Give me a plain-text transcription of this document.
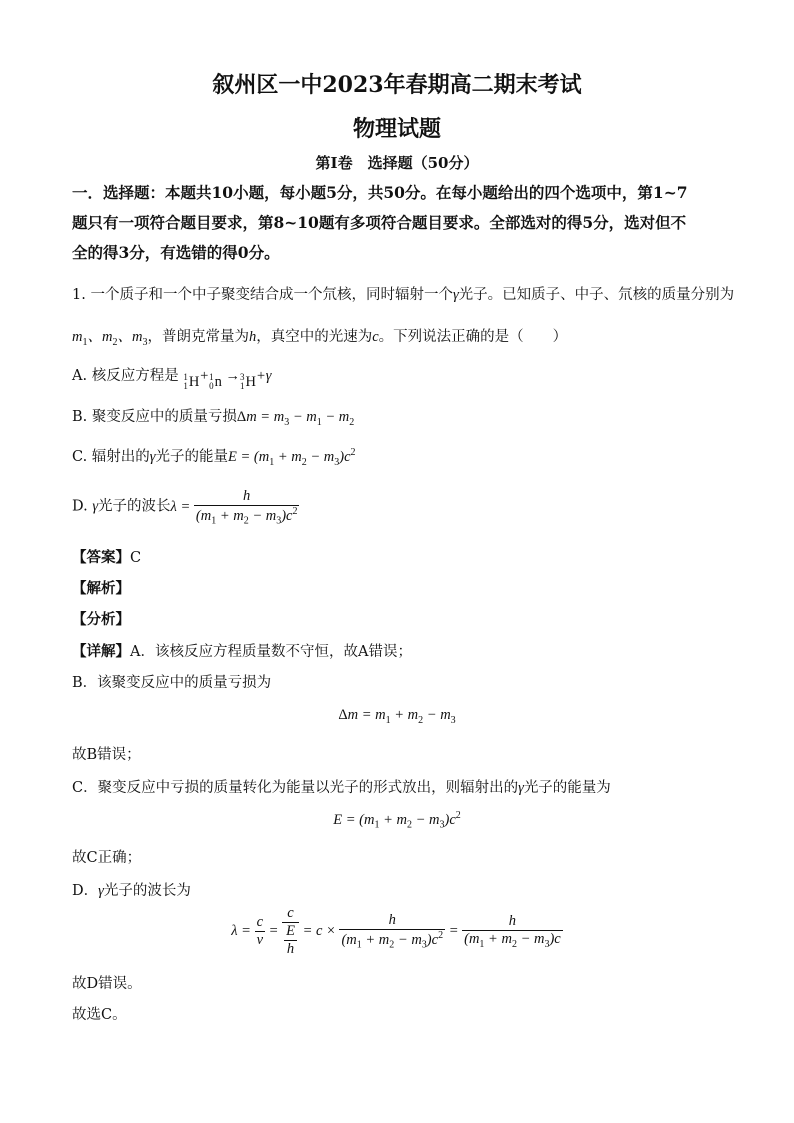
叙州区一中2023年春期高二期末考试
物理试题
第Ⅰ卷　选择题（50分）
一．选择题：本题共10小题，每小题5分，共50分。在每小题给出的四个选项中，第1~7
题只有一项符合题目要求，第8~10题有多项符合题目要求。全部选对的得5分，选对但不
全的得3分，有选错的得0分。
1. 一个质子和一个中子聚变结合成一个氘核，同时辐射一个γ光子。已知质子、中子、氘核的质量分别为
$m_1$、$m_2$、$m_3$，普朗克常量为h，真空中的光速为c。下列说法正确的是（　　）
A. 核反应方程是 1
1 H + 1
0 n → 3
1 H +γ
B. 聚变反应中的质量亏损$\Delta m = m_3 - m_1 - m_2$
C. 辐射出的γ光子的能量$E = (m_1 + m_2 - m_3)c^2$
D. γ光子的波长$\lambda = \frac{h}{(m_1 + m_2 - m_3)c^2}$
【答案】C
【解析】
【分析】
【详解】A．该核反应方程质量数不守恒，故A错误；
B．该聚变反应中的质量亏损为
$\Delta m = m_1 + m_2 - m_3$
故B错误；
C．聚变反应中亏损的质量转化为能量以光子的形式放出，则辐射出的γ光子的能量为
$E = (m_1 + m_2 - m_3)c^2$
故C正确；
D．γ光子的波长为
$\lambda = \frac{c}{\nu} = \frac{c}{\frac{E}{h}} = c \times \frac{h}{(m_1 + m_2 - m_3)c^2} = \frac{h}{(m_1 + m_2 - m_3)c}$
故D错误。
故选C。
